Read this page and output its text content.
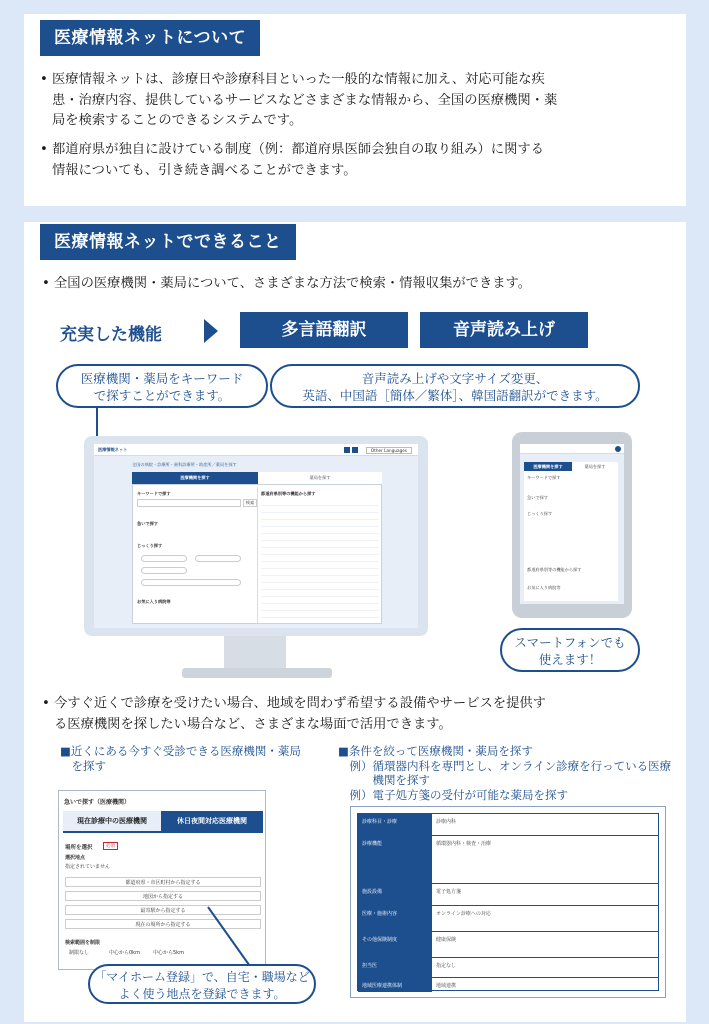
医療情報ネットについて
• 医療情報ネットは、診療日や診療科目といった一般的な情報に加え、対応可能な疾
患・治療内容、提供しているサービスなどさまざまな情報から、全国の医療機関・薬
局を検索することのできるシステムです。
• 都道府県が独自に設けている制度（例：都道府県医師会独自の取り組み）に関する
情報についても、引き続き調べることができます。
医療情報ネットでできること
• 全国の医療機関・薬局について、さまざまな方法で検索・情報収集ができます。
充実した機能	多言語翻訳	音声読み上げ
医療機関・薬局をキーワード
で探すことができます。
音声読み上げや文字サイズ変更、
英語、中国語［簡体／繁体］、韓国語翻訳ができます。
医療情報ネット	Other Languages
全国の病院・診療所・歯科診療所・助産所／薬局を探す
医療機関を探す	薬局を探す
キーワードで探す
検索
急いで探す
じっくり探す
お気に入り病院等
都道府県別等の機能から探す
医療機関を探す	薬局を探す
キーワードで探す
急いで探す
じっくり探す
都道府県別等の機能から探す
お気に入り病院等
スマートフォンでも
使えます！
• 今すぐ近くで診療を受けたい場合、地域を問わず希望する設備やサービスを提供す
る医療機関を探したい場合など、さまざまな場面で活用できます。
■近くにある今すぐ受診できる医療機関・薬局
　を探す
■条件を絞って医療機関・薬局を探す
　例）循環器内科を専門とし、オンライン診療を行っている医療
　　　機関を探す
　例）電子処方箋の受付が可能な薬局を探す
急いで探す（医療機関）
現在診療中の医療機関	休日夜間対応医療機関
場所を選択	必須
選択地点
指定されていません
都道府県・市区町村から指定する
地図から指定する
最寄駅から指定する
現在の場所から指定する
検索範囲を制限
制限なし	中心から0km	中心から5km
「マイホーム登録」で、自宅・職場など
よく使う地点を登録できます。
診療科目・診療	診療内科
診療機能	循環器内科・検査・治療
施設設備	電子処方箋
医療・施術内容	オンライン診療への対応
その他保険制度	健康保険
担当医	指定なし
地域医療連携体制	地域連携
